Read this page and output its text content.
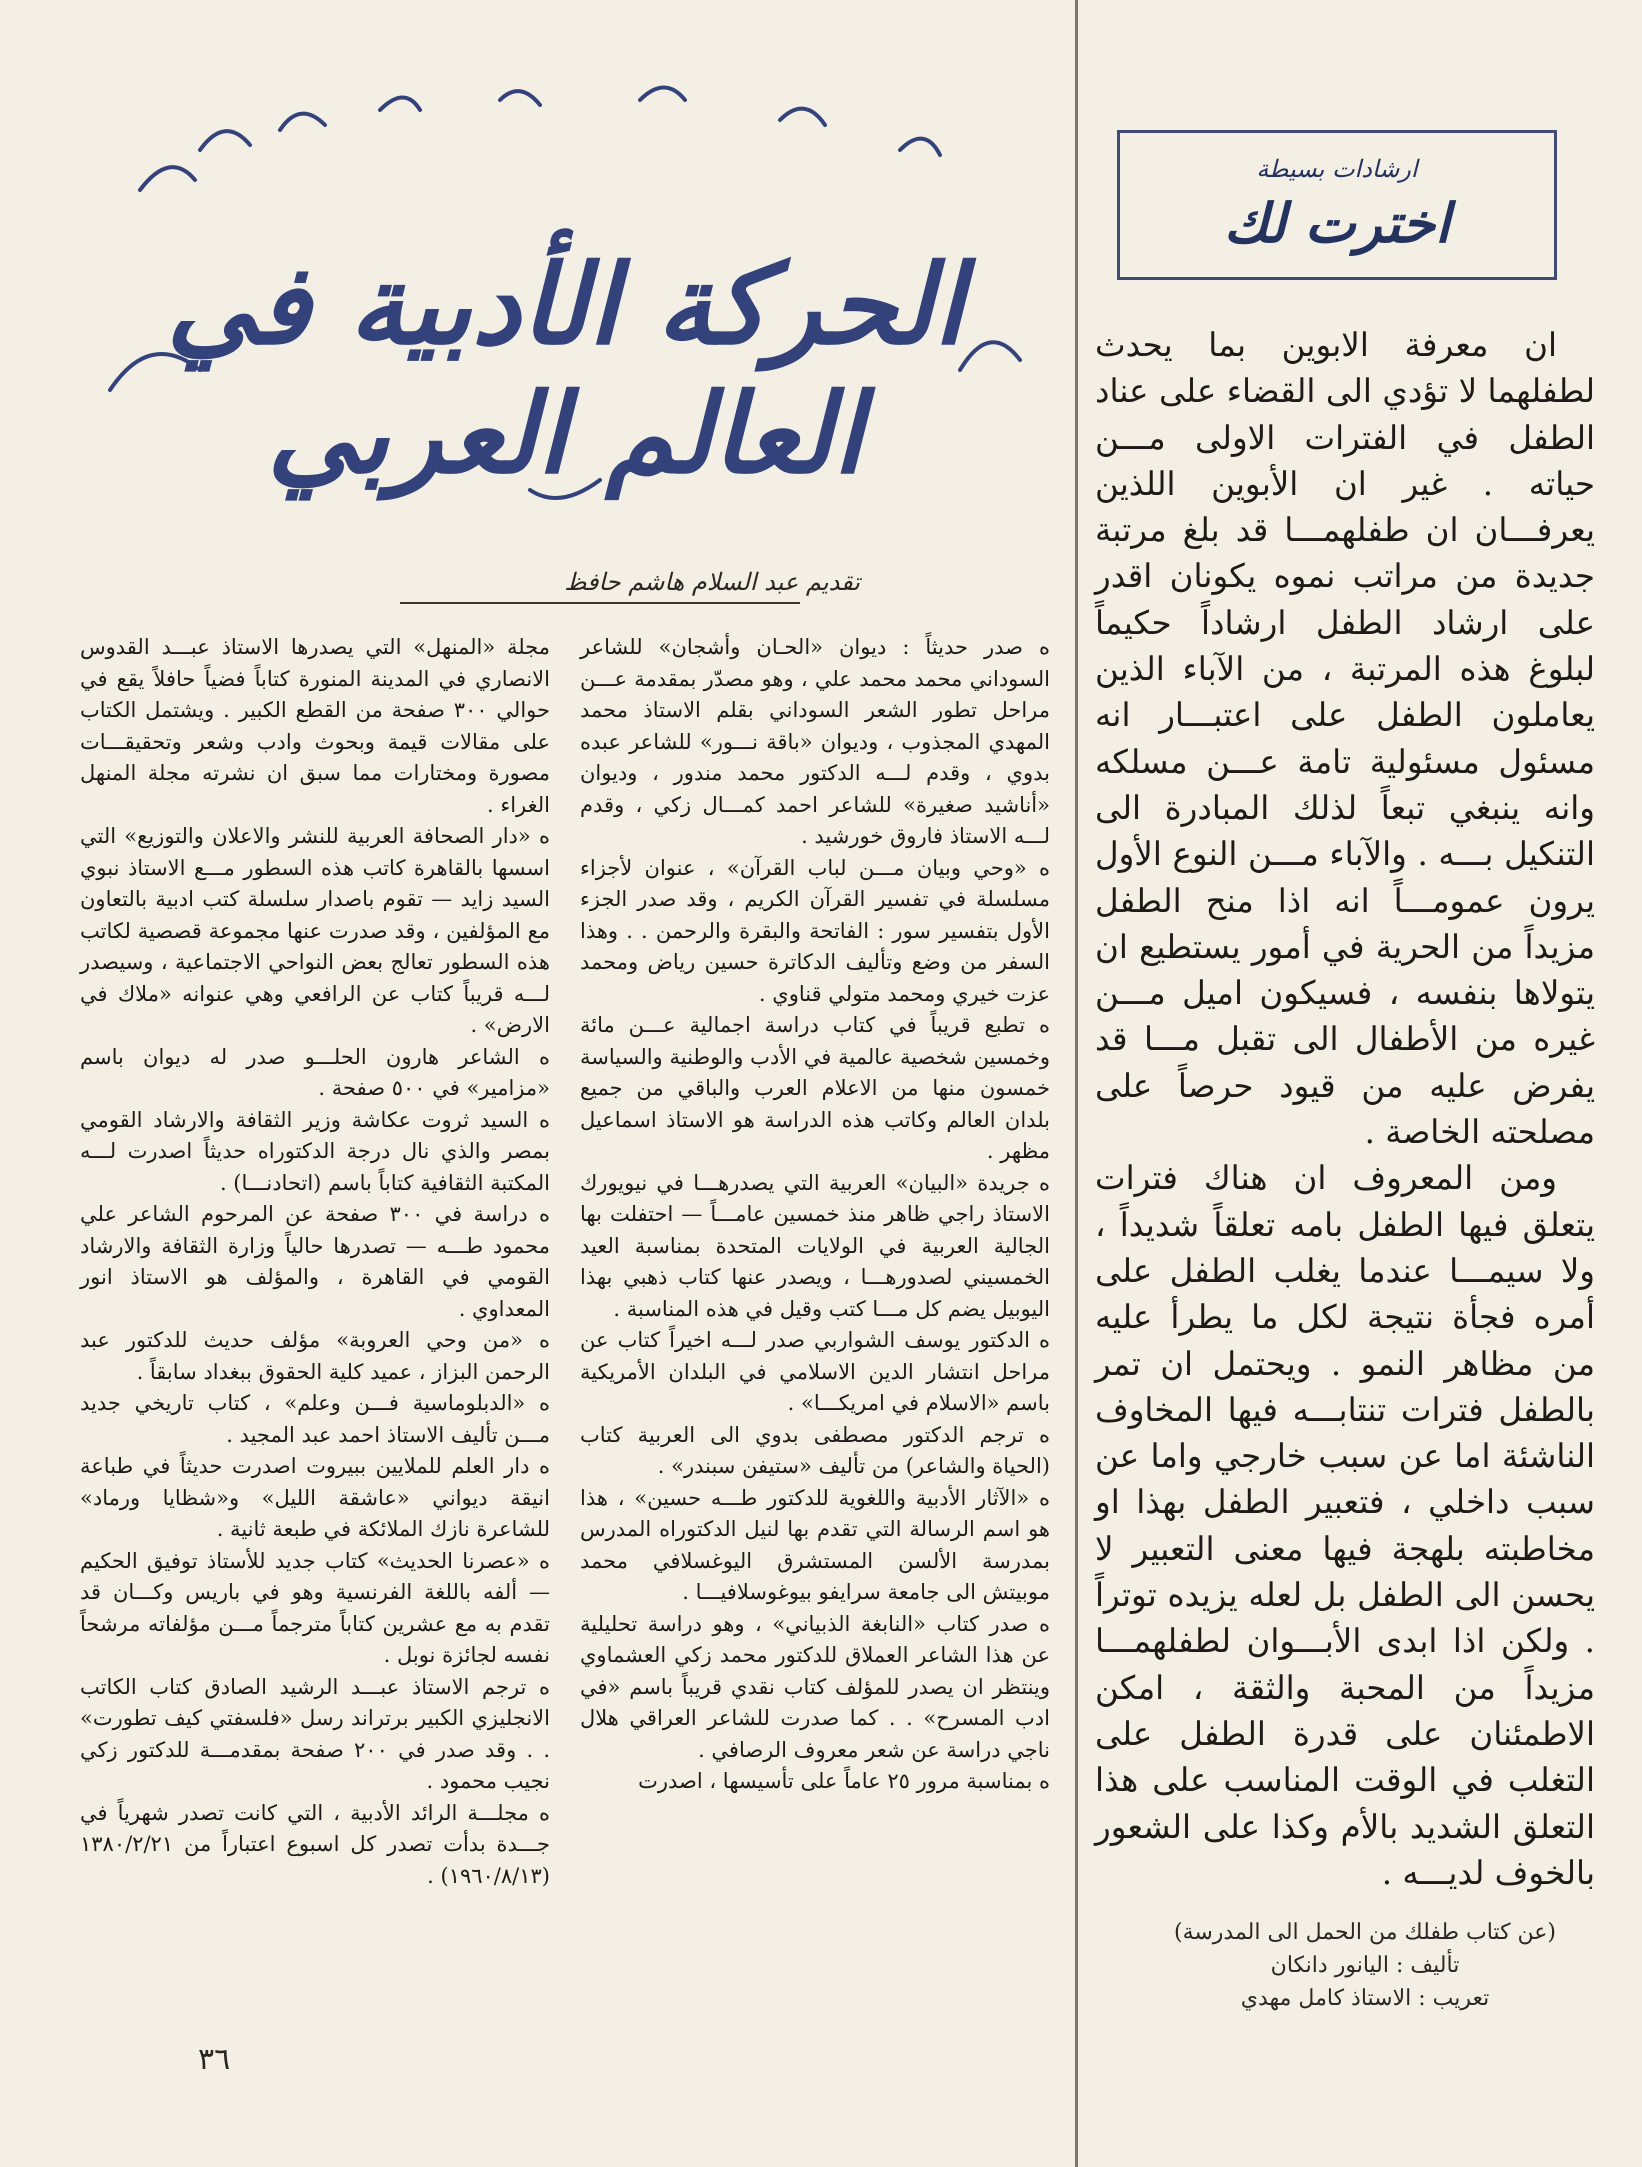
ارشادات بسيطة
اخترت لك

ان معرفة الابوين بما يحدث لطفلهما لا تؤدي الى القضاء على عناد الطفل في الفترات الاولى مـــن حياته . غير ان الأبوين اللذين يعرفـــان ان طفلهمـــا قد بلغ مرتبة جديدة من مراتب نموه يكونان اقدر على ارشاد الطفل ارشاداً حكيماً لبلوغ هذه المرتبة ، من الآباء الذين يعاملون الطفل على اعتبـــار انه مسئول مسئولية تامة عـــن مسلكه وانه ينبغي تبعاً لذلك المبادرة الى التنكيل بـــه . والآباء مـــن النوع الأول يرون عمومـــاً انه اذا منح الطفل مزيداً من الحرية في أمور يستطيع ان يتولاها بنفسه ، فسيكون اميل مـــن غيره من الأطفال الى تقبل مـــا قد يفرض عليه من قيود حرصاً على مصلحته الخاصة .

ومن المعروف ان هناك فترات يتعلق فيها الطفل بامه تعلقاً شديداً ، ولا سيمـــا عندما يغلب الطفل على أمره فجأة نتيجة لكل ما يطرأ عليه من مظاهر النمو . ويحتمل ان تمر بالطفل فترات تنتابـــه فيها المخاوف الناشئة اما عن سبب خارجي واما عن سبب داخلي ، فتعبير الطفل بهذا او مخاطبته بلهجة فيها معنى التعبير لا يحسن الى الطفل بل لعله يزيده توتراً . ولكن اذا ابدى الأبـــوان لطفلهمـــا مزيداً من المحبة والثقة ، امكن الاطمئنان على قدرة الطفل على التغلب في الوقت المناسب على هذا التعلق الشديد بالأم وكذا على الشعور بالخوف لديـــه .

(عن كتاب طفلك من الحمل الى المدرسة)
تأليف : اليانور دانكان
تعريب : الاستاذ كامل مهدي
الحركة الأدبية في العالم العربي
تقديم عبد السلام هاشم حافظ

ه صدر حديثاً : ديوان «الحـان وأشجان» للشاعر السوداني محمد محمد علي ، وهو مصدّر بمقدمة عـــن مراحل تطور الشعر السوداني بقلم الاستاذ محمد المهدي المجذوب ، وديوان «باقة نـــور» للشاعر عبده بدوي ، وقدم لـــه الدكتور محمد مندور ، وديوان «أناشيد صغيرة» للشاعر احمد كمـــال زكي ، وقدم لـــه الاستاذ فاروق خورشيد .

ه «وحي وبيان مـــن لباب القرآن» ، عنوان لأجزاء مسلسلة في تفسير القرآن الكريم ، وقد صدر الجزء الأول بتفسير سور : الفاتحة والبقرة والرحمن . . وهذا السفر من وضع وتأليف الدكاترة حسين رياض ومحمد عزت خيري ومحمد متولي قناوي .

ه تطبع قريباً في كتاب دراسة اجمالية عـــن مائة وخمسين شخصية عالمية في الأدب والوطنية والسياسة خمسون منها من الاعلام العرب والباقي من جميع بلدان العالم وكاتب هذه الدراسة هو الاستاذ اسماعيل مظهر .

ه جريدة «البيان» العربية التي يصدرهـــا في نيويورك الاستاذ راجي ظاهر منذ خمسين عامـــاً — احتفلت بها الجالية العربية في الولايات المتحدة بمناسبة العيد الخمسيني لصدورهـــا ، ويصدر عنها كتاب ذهبي بهذا اليوبيل يضم كل مـــا كتب وقيل في هذه المناسبة .

ه الدكتور يوسف الشواربي صدر لـــه اخيراً كتاب عن مراحل انتشار الدين الاسلامي في البلدان الأمريكية باسم «الاسلام في امريكـــا» .

ه ترجم الدكتور مصطفى بدوي الى العربية كتاب (الحياة والشاعر) من تأليف «ستيفن سبندر» .

ه «الآثار الأدبية واللغوية للدكتور طـــه حسين» ، هذا هو اسم الرسالة التي تقدم بها لنيل الدكتوراه المدرس بمدرسة الألسن المستشرق اليوغسلافي محمد موبيتش الى جامعة سرايفو بيوغوسلافيـــا .

ه صدر كتاب «النابغة الذبياني» ، وهو دراسة تحليلية عن هذا الشاعر العملاق للدكتور محمد زكي العشماوي وينتظر ان يصدر للمؤلف كتاب نقدي قريباً باسم «في ادب المسرح» . . كما صدرت للشاعر العراقي هلال ناجي دراسة عن شعر معروف الرصافي .

ه بمناسبة مرور ٢٥ عاماً على تأسيسها ، اصدرت

مجلة «المنهل» التي يصدرها الاستاذ عبـــد القدوس الانصاري في المدينة المنورة كتاباً فضياً حافلاً يقع في حوالي ٣٠٠ صفحة من القطع الكبير . ويشتمل الكتاب على مقالات قيمة وبحوث وادب وشعر وتحقيقـــات مصورة ومختارات مما سبق ان نشرته مجلة المنهل الغراء .

ه «دار الصحافة العربية للنشر والاعلان والتوزيع» التي اسسها بالقاهرة كاتب هذه السطور مـــع الاستاذ نبوي السيد زايد — تقوم باصدار سلسلة كتب ادبية بالتعاون مع المؤلفين ، وقد صدرت عنها مجموعة قصصية لكاتب هذه السطور تعالج بعض النواحي الاجتماعية ، وسيصدر لـــه قريباً كتاب عن الرافعي وهي عنوانه «ملاك في الارض» .

ه الشاعر هارون الحلـــو صدر له ديوان باسم «مزامير» في ٥٠٠ صفحة .

ه السيد ثروت عكاشة وزير الثقافة والارشاد القومي بمصر والذي نال درجة الدكتوراه حديثاً اصدرت لـــه المكتبة الثقافية كتاباً باسم (اتحادنـــا) .

ه دراسة في ٣٠٠ صفحة عن المرحوم الشاعر علي محمود طـــه — تصدرها حالياً وزارة الثقافة والارشاد القومي في القاهرة ، والمؤلف هو الاستاذ انور المعداوي .

ه «من وحي العروبة» مؤلف حديث للدكتور عبد الرحمن البزاز ، عميد كلية الحقوق ببغداد سابقاً .

ه «الدبلوماسية فـــن وعلم» ، كتاب تاريخي جديد مـــن تأليف الاستاذ احمد عبد المجيد .

ه دار العلم للملايين ببيروت اصدرت حديثاً في طباعة انيقة ديواني «عاشقة الليل» و«شظايا ورماد» للشاعرة نازك الملائكة في طبعة ثانية .

ه «عصرنا الحديث» كتاب جديد للأستاذ توفيق الحكيم — ألفه باللغة الفرنسية وهو في باريس وكـــان قد تقدم به مع عشرين كتاباً مترجماً مـــن مؤلفاته مرشحاً نفسه لجائزة نوبل .

ه ترجم الاستاذ عبـــد الرشيد الصادق كتاب الكاتب الانجليزي الكبير برتراند رسل «فلسفتي كيف تطورت» . . وقد صدر في ٢٠٠ صفحة بمقدمـــة للدكتور زكي نجيب محمود .

ه مجلـــة الرائد الأدبية ، التي كانت تصدر شهرياً في جـــدة بدأت تصدر كل اسبوع اعتباراً من ١٣٨٠/٢/٢١ (١٩٦٠/٨/١٣) .

٣٦
